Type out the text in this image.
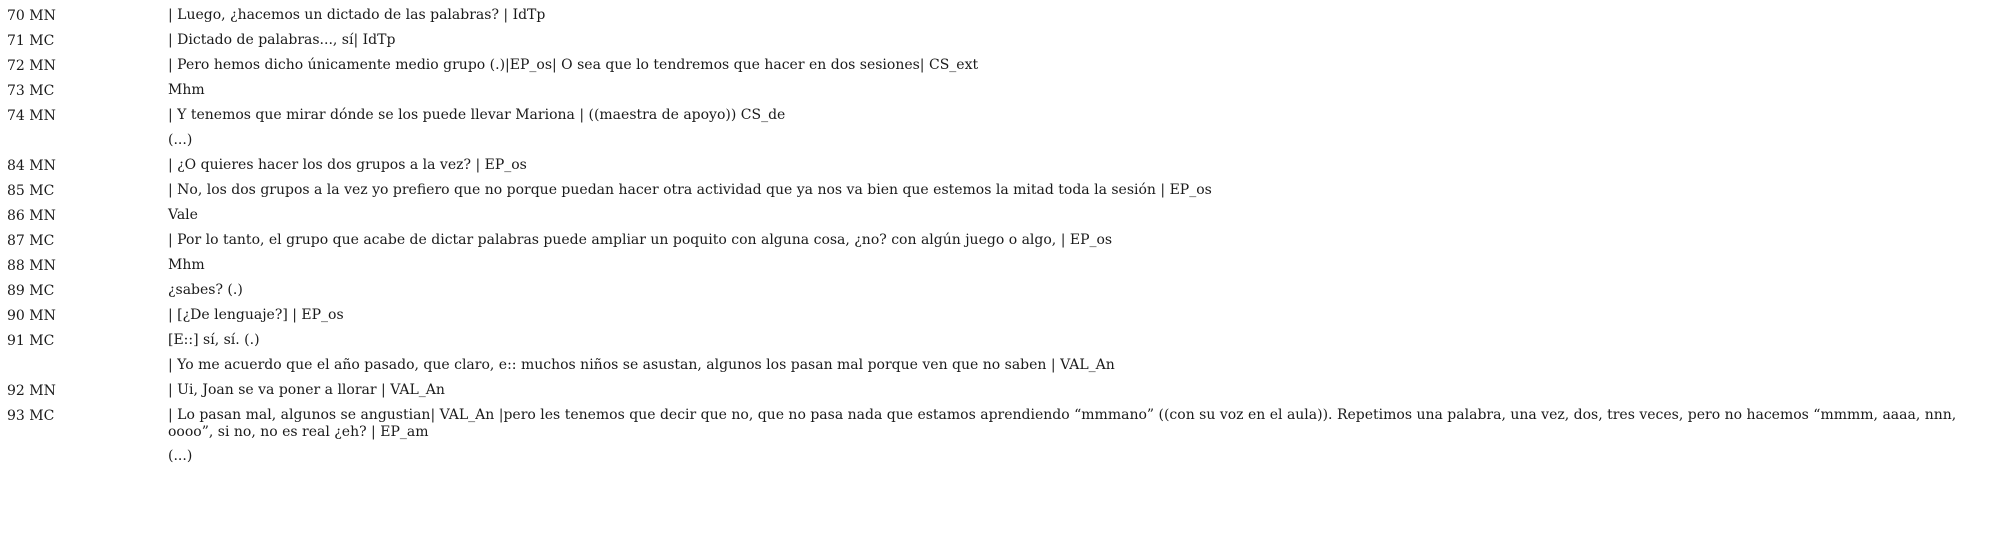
70 MN	| Luego, ¿hacemos un dictado de las palabras? | IdTp
71 MC	| Dictado de palabras..., sí| IdTp
72 MN	| Pero hemos dicho únicamente medio grupo (.)|EP_os| O sea que lo tendremos que hacer en dos sesiones| CS_ext
73 MC	Mhm
74 MN	| Y tenemos que mirar dónde se los puede llevar Mariona | ((maestra de apoyo)) CS_de
(...)
84 MN	| ¿O quieres hacer los dos grupos a la vez? | EP_os
85 MC	| No, los dos grupos a la vez yo prefiero que no porque puedan hacer otra actividad que ya nos va bien que estemos la mitad toda la sesión | EP_os
86 MN	Vale
87 MC	| Por lo tanto, el grupo que acabe de dictar palabras puede ampliar un poquito con alguna cosa, ¿no? con algún juego o algo, | EP_os
88 MN	Mhm
89 MC	¿sabes? (.)
90 MN	| [¿De lenguaje?] | EP_os
91 MC	[E::] sí, sí. (.)
| Yo me acuerdo que el año pasado, que claro, e:: muchos niños se asustan, algunos los pasan mal porque ven que no saben | VAL_An
92 MN	| Ui, Joan se va poner a llorar | VAL_An
93 MC	| Lo pasan mal, algunos se angustian| VAL_An |pero les tenemos que decir que no, que no pasa nada que estamos aprendiendo “mmmano” ((con su voz en el aula)). Repetimos una palabra, una vez, dos, tres veces, pero no hacemos “mmmm, aaaa, nnn, oooo”, si no, no es real ¿eh? | EP_am
(...)
